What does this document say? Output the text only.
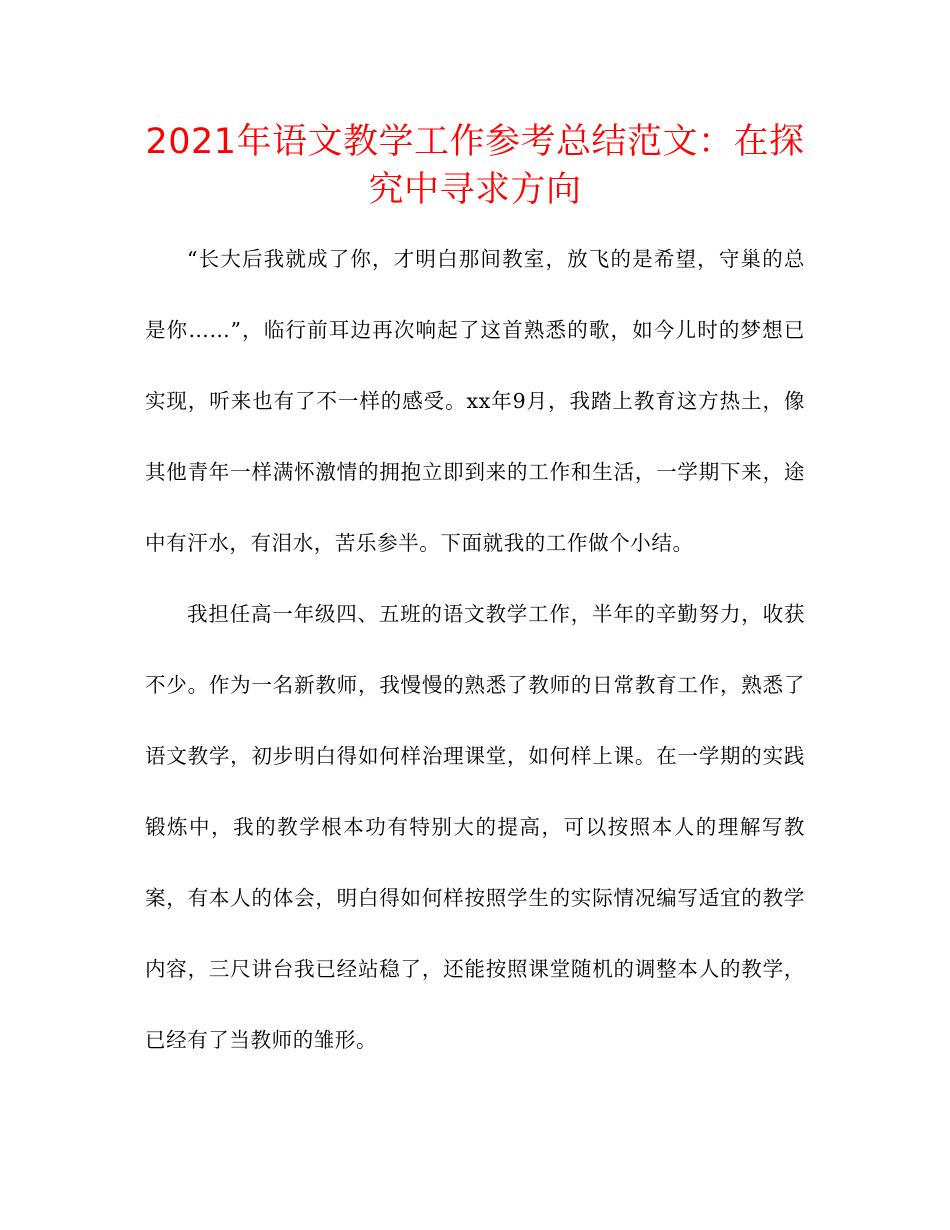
2021年语文教学工作参考总结范文：在探究中寻求方向

“长大后我就成了你，才明白那间教室，放飞的是希望，守巢的总是你……”，临行前耳边再次响起了这首熟悉的歌，如今儿时的梦想已实现，听来也有了不一样的感受。xx年9月，我踏上教育这方热土，像其他青年一样满怀激情的拥抱立即到来的工作和生活，一学期下来，途中有汗水，有泪水，苦乐参半。下面就我的工作做个小结。

我担任高一年级四、五班的语文教学工作，半年的辛勤努力，收获不少。作为一名新教师，我慢慢的熟悉了教师的日常教育工作，熟悉了语文教学，初步明白得如何样治理课堂，如何样上课。在一学期的实践锻炼中，我的教学根本功有特别大的提高，可以按照本人的理解写教案，有本人的体会，明白得如何样按照学生的实际情况编写适宜的教学内容，三尺讲台我已经站稳了，还能按照课堂随机的调整本人的教学，已经有了当教师的雏形。
